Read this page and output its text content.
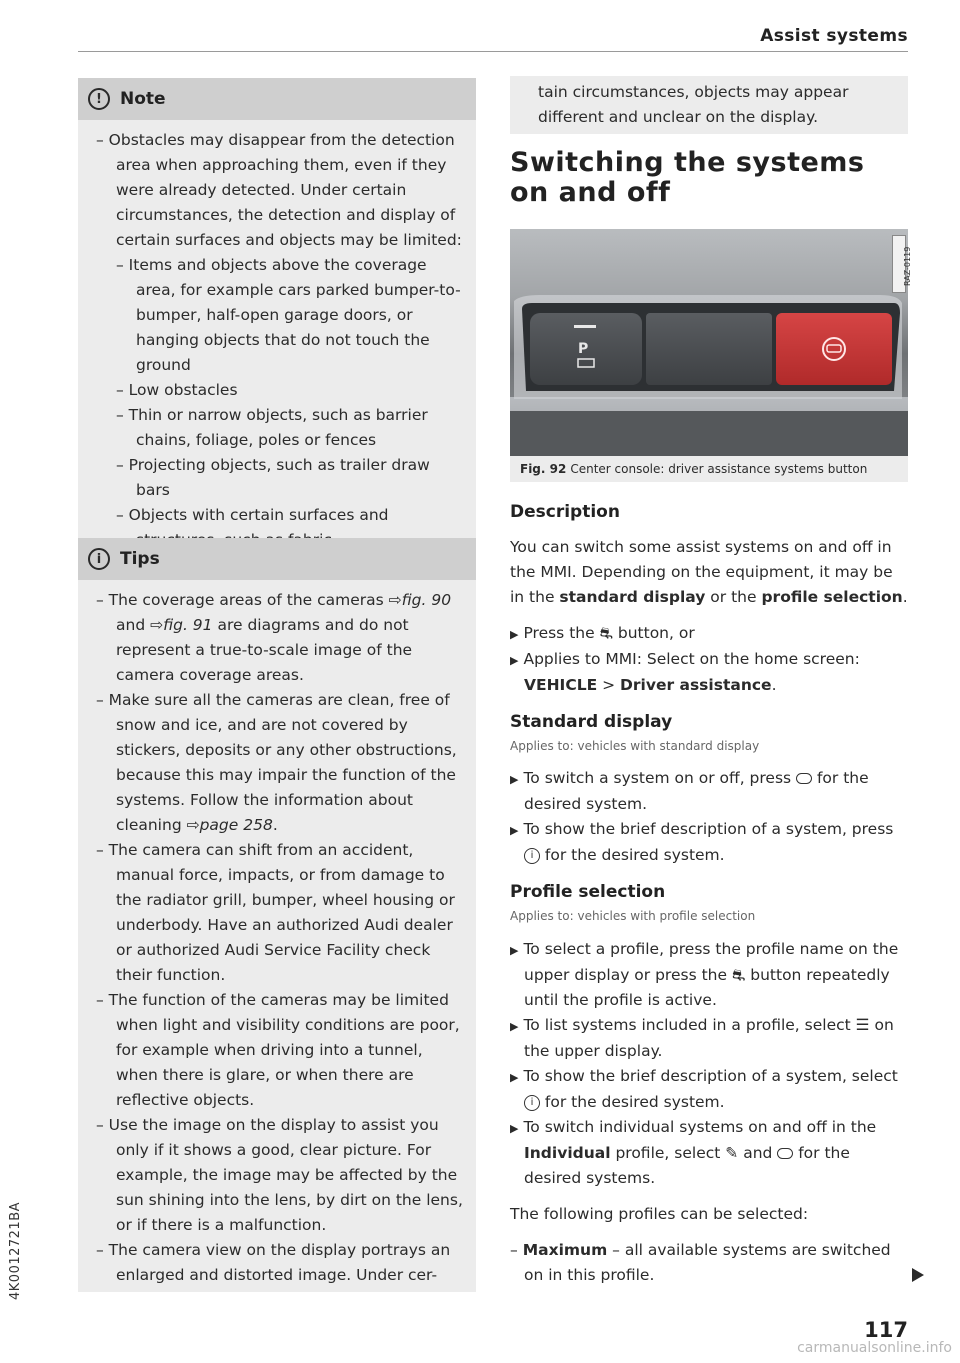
Assist systems
!	Note
– Obstacles may disappear from the detection area when approaching them, even if they were already detected. Under certain circumstances, the detection and display of certain surfaces and objects may be limited:
– Items and objects above the coverage area, for example cars parked bumper-to-bumper, half-open garage doors, or hanging objects that do not touch the ground
– Low obstacles
– Thin or narrow objects, such as barrier chains, foliage, poles or fences
– Projecting objects, such as trailer draw bars
– Objects with certain surfaces and
i	Tips
– The coverage areas of the cameras ⇨fig. 90 and ⇨fig. 91 are diagrams and do not represent a true-to-scale image of the camera coverage areas.
– Make sure all the cameras are clean, free of snow and ice, and are not covered by stickers, deposits or any other obstructions, because this may impair the function of the systems. Follow the information about cleaning ⇨page 258.
– The camera can shift from an accident, manual force, impacts, or from damage to the radiator grill, bumper, wheel housing or underbody. Have an authorized Audi dealer or authorized Audi Service Facility check their function.
– The function of the cameras may be limited when light and visibility conditions are poor, for example when driving into a tunnel, when there is glare, or when there are reflective objects.
– Use the image on the display to assist you only if it shows a good, clear picture. For example, the image may be affected by the sun shining into the lens, by dirt on the lens, or if there is a malfunction.
– The camera view on the display portrays an enlarged and distorted image. Under cer-

tain circumstances, objects may appear different and unclear on the display.

Switching the systems
on and off
P
RAZ-0119
Fig. 92 Center console: driver assistance systems button
Description

You can switch some assist systems on and off in the MMI. Depending on the equipment, it may be in the standard display or the profile selection.

▶ Press the ⛐ button, or
▶ Applies to MMI: Select on the home screen: VEHICLE > Driver assistance.
Standard display
Applies to: vehicles with standard display
▶ To switch a system on or off, press  for the desired system.
▶ To show the brief description of a system, press i for the desired system.
Profile selection
Applies to: vehicles with profile selection
▶ To select a profile, press the profile name on the upper display or press the ⛐ button repeatedly until the profile is active.
▶ To list systems included in a profile, select ☰ on the upper display.
▶ To show the brief description of a system, select i for the desired system.
▶ To switch individual systems on and off in the Individual profile, select ✎ and  for the desired systems.
The following profiles can be selected:
– Maximum – all available systems are switched on in this profile.
117
4K0012721BA
carmanualsonline.info
